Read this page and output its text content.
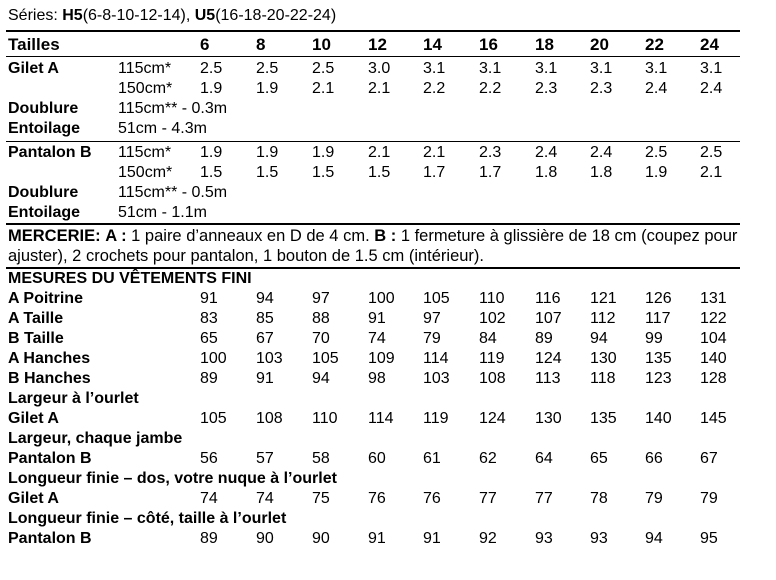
Séries: H5(6-8-10-12-14), U5(16-18-20-22-24)
Tailles	6	8	10 12 14 16 18 20 22 24
Gilet A	115cm* 2.5 2.5 2.5 3.0 3.1 3.1 3.1 3.1 3.1 3.1
150cm* 1.9 1.9 2.1 2.1 2.2 2.2 2.3 2.3 2.4 2.4
Doublure 115cm** - 0.3m
Entoilage 51cm - 4.3m
Pantalon B 115cm* 1.9 1.9 1.9 2.1 2.1 2.3 2.4 2.4 2.5 2.5
150cm* 1.5 1.5 1.5 1.5 1.7 1.7 1.8 1.8 1.9 2.1
Doublure 115cm** - 0.5m
Entoilage 51cm - 1.1m
MERCERIE: A : 1 paire d’anneaux en D de 4 cm. B : 1 fermeture à glissière de 18 cm (coupez pour ajuster), 2 crochets pour pantalon, 1 bouton de 1.5 cm (intérieur).
MESURES DU VÊTEMENTS FINI
A Poitrine	91 94 97 100 105 110 116 121 126 131
A Taille	83 85 88 91 97 102 107 112 117 122
B Taille	65 67 70 74 79 84 89 94 99 104
A Hanches	100 103 105 109 114 119 124 130 135 140
B Hanches	89 91 94 98 103 108 113 118 123 128
Largeur à l’ourlet
Gilet A	105 108 110 114 119 124 130 135 140 145
Largeur, chaque jambe
Pantalon B	56 57 58 60 61 62 64 65 66 67
Longueur finie – dos, votre nuque à l’ourlet
Gilet A	74 74 75 76 76 77 77 78 79 79
Longueur finie – côté, taille à l’ourlet
Pantalon B	89 90 90 91 91 92 93 93 94 95
